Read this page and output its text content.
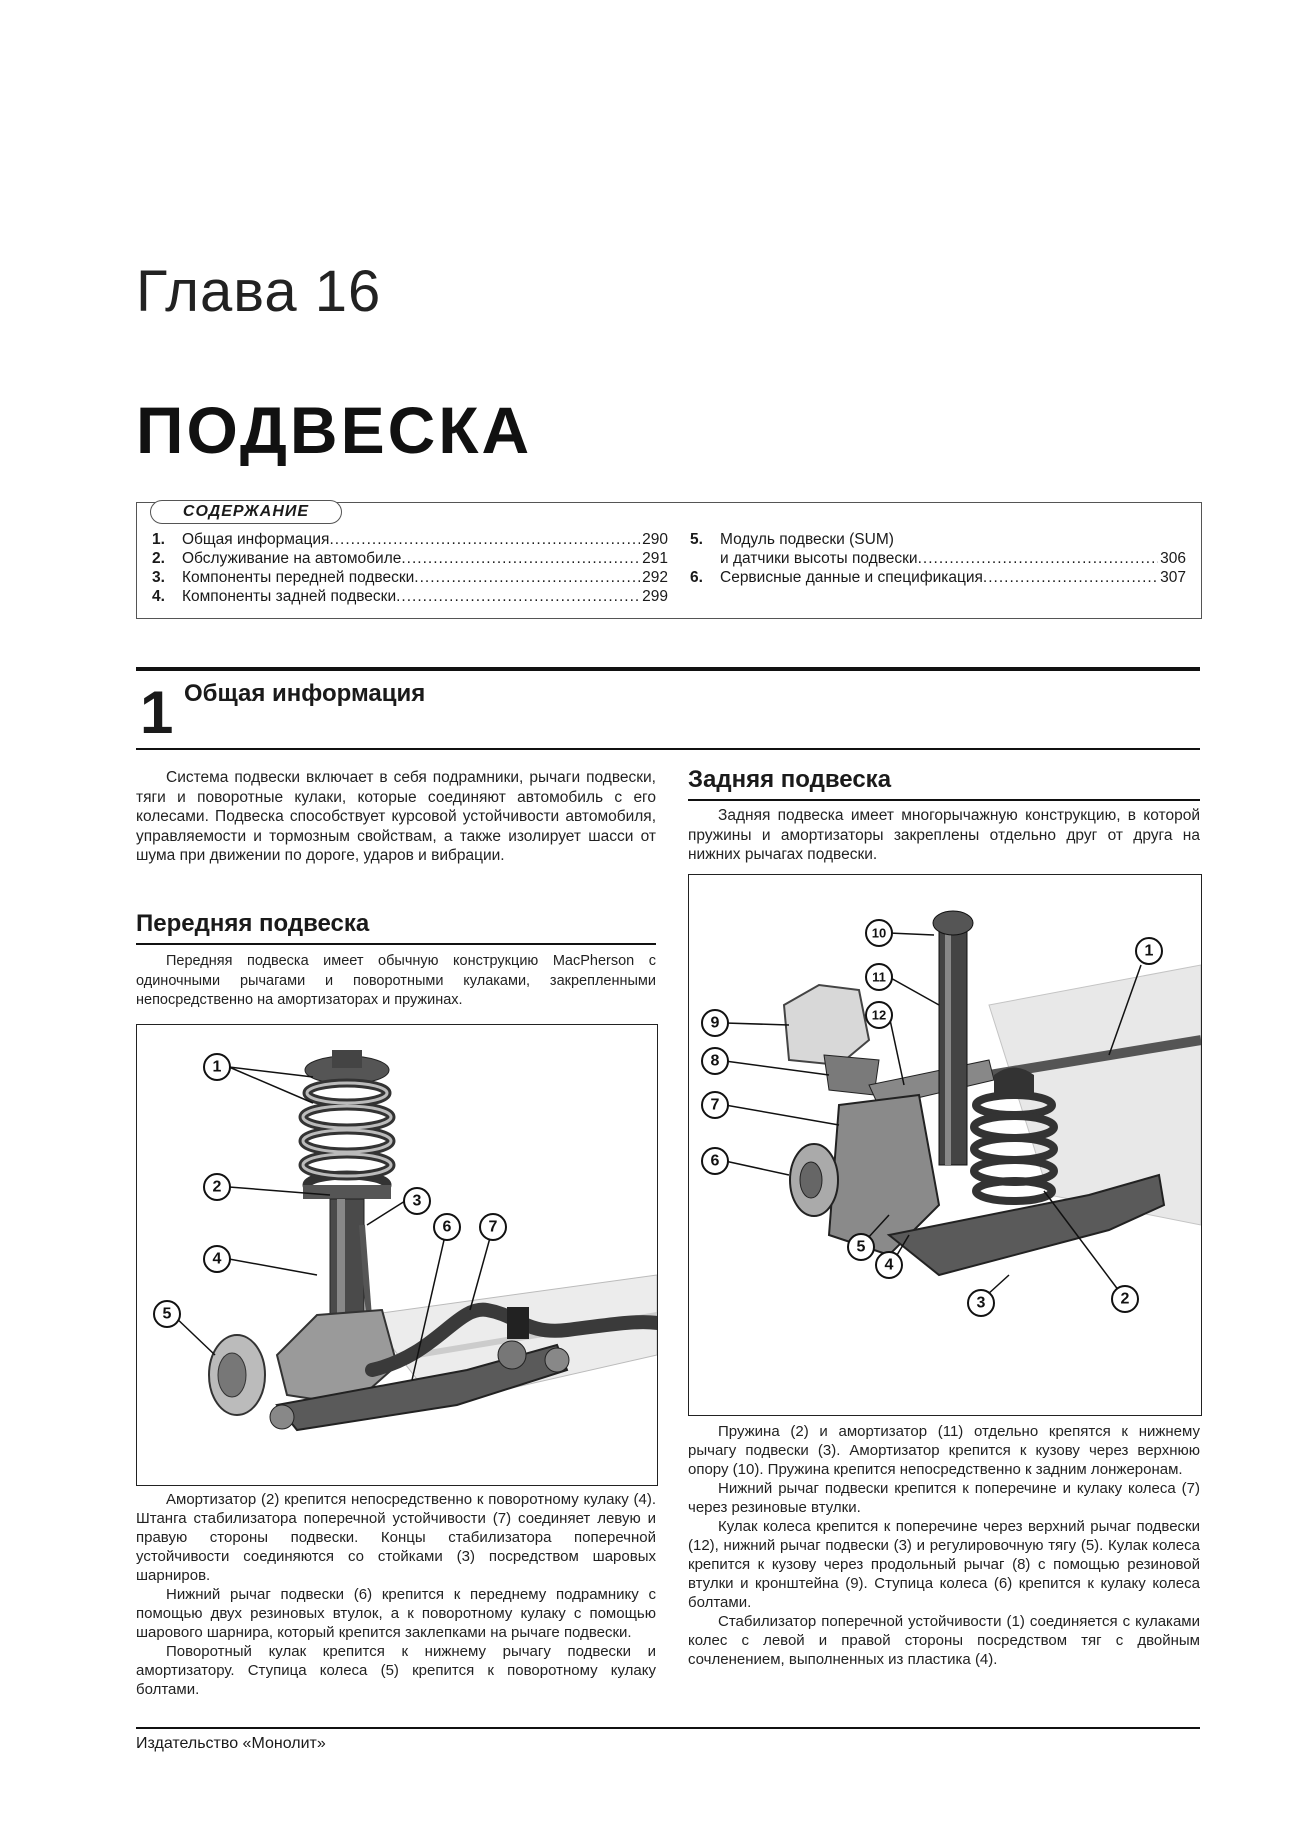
Глава 16
ПОДВЕСКА
СОДЕРЖАНИЕ
1.	Общая информация .....	290
2.	Обслуживание на автомобиле .....	291
3.	Компоненты передней подвески .....	292
4.	Компоненты задней подвески .....	299
5.	Модуль подвески (SUM)
и датчики высоты подвески .....	306
6.	Сервисные данные и спецификация .....	307
1 Общая информация

Система подвески включает в себя подрамники, рычаги подвески, тяги и поворотные кулаки, которые соединяют автомобиль с его колесами. Подвеска способствует курсовой устойчивости автомобиля, управляемости и тормозным свойствам, а также изолирует шасси от шума при движении по дороге, ударов и вибрации.

Передняя подвеска

Передняя подвеска имеет обычную конструкцию MacPherson с одиночными рычагами и поворотными кулаками, закрепленными непосредственно на амортизаторах и пружинах.

1
2
3
4
5
6 7

Амортизатор (2) крепится непосредственно к поворотному кулаку (4). Штанга стабилизатора поперечной устойчивости (7) соединяет левую и правую стороны подвески. Концы стабилизатора поперечной устойчивости соединяются со стойками (3) посредством шаровых шарниров.

Нижний рычаг подвески (6) крепится к переднему подрамнику с помощью двух резиновых втулок, а к поворотному кулаку с помощью шарового шарнира, который крепится заклепками на рычаге подвески.

Поворотный кулак крепится к нижнему рычагу подвески и амортизатору. Ступица колеса (5) крепится к поворотному кулаку болтами.

Задняя подвеска

Задняя подвеска имеет многорычажную конструкцию, в которой пружины и амортизаторы закреплены отдельно друг от друга на нижних рычагах подвески.

1
2
3
4
5
6
7
8
9
10
11
12

Пружина (2) и амортизатор (11) отдельно крепятся к нижнему рычагу подвески (3). Амортизатор крепится к кузову через верхнюю опору (10). Пружина крепится непосредственно к задним лонжеронам.

Нижний рычаг подвески крепится к поперечине и кулаку колеса (7) через резиновые втулки.

Кулак колеса крепится к поперечине через верхний рычаг подвески (12), нижний рычаг подвески (3) и регулировочную тягу (5). Кулак колеса крепится к кузову через продольный рычаг (8) с помощью резиновой втулки и кронштейна (9). Ступица колеса (6) крепится к кулаку колеса болтами.

Стабилизатор поперечной устойчивости (1) соединяется с кулаками колес с левой и правой стороны посредством тяг с двойным сочленением, выполненных из пластика (4).

Издательство «Монолит»
